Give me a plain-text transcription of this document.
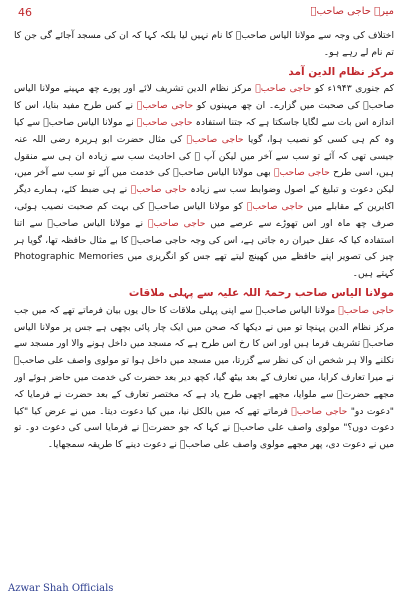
46	میرے حاجی صاحبؒ

اختلاف کی وجہ سے مولانا الیاس صاحبؒ کا نام نہیں لیا بلکہ کہا کہ ان کی مسجد آجائے گی جن کا تم نام لے رہے ہو۔

مرکز نظام الدین آمد

کم جنوری ۱۹۴۳ء کو حاجی صاحبؒ مرکز نظام الدین تشریف لائے اور پورے چھ مہینے مولانا الیاس صاحبؒ کی صحبت میں گزارے۔ ان چھ مہینوں کو حاجی صاحبؒ نے کس طرح مفید بنایا، اس کا اندازہ اس بات سے لگایا جاسکتا ہے کہ جتنا استفادہ حاجی صاحبؒ نے مولانا الیاس صاحبؒ سے کیا وہ کم ہی کسی کو نصیب ہوا، گویا حاجی صاحبؒ کی مثال حضرت ابو ہریرہ رضی اللہ عنہ جیسی تھی کہ آئے تو سب سے آخر میں لیکن آپ ﷺ کی احادیث سب سے زیادہ ان ہی سے منقول ہیں، اسی طرح حاجی صاحبؒ بھی مولانا الیاس صاحبؒ کی خدمت میں آئے تو سب سے آخر میں، لیکن دعوت و تبلیغ کے اصول وضوابط سب سے زیادہ حاجی صاحبؒ نے ہی ضبط کئے، ہمارے دیگر اکابرین کے مقابلے میں حاجی صاحبؒ کو مولانا الیاس صاحبؒ کی بہت کم صحبت نصیب ہوئی، صرف چھ ماہ اور اس تھوڑے سے عرصے میں حاجی صاحبؒ نے مولانا الیاس صاحبؒ سے اتنا استفادہ کیا کہ عقل حیران رہ جاتی ہے، اس کی وجہ حاجی صاحبؒ کا بے مثال حافظہ تھا، گویا ہر چیز کی تصویر اپنے حافظے میں کھینچ لیتے تھے جس کو انگریزی میں Photographic Memories کہتے ہیں۔

مولانا الیاس صاحب رحمۃ اللہ علیہ سے پہلی ملاقات

حاجی صاحبؒ مولانا الیاس صاحبؒ سے اپنی پہلی ملاقات کا حال یوں بیان فرماتے تھے کہ میں جب مرکز نظام الدین پہنچا تو میں نے دیکھا کہ صحن میں ایک چار پائی بچھی ہے جس پر مولانا الیاس صاحبؒ تشریف فرما ہیں اور اس کا رخ اس طرح ہے کہ مسجد میں داخل ہونے والا اور مسجد سے نکلنے والا ہر شخص ان کی نظر سے گزرتا، میں مسجد میں داخل ہوا تو مولوی واصف علی صاحبؒ نے میرا تعارف کرایا، میں تعارف کے بعد بیٹھ گیا، کچھ دیر بعد حضرت کی خدمت میں حاضر ہوئے اور مجھے حضرتؒ سے ملوایا، مجھے اچھی طرح یاد ہے کہ مختصر تعارف کے بعد حضرت نے فرمایا کہ "دعوت دو" حاجی صاحبؒ فرماتے تھے کہ میں بالکل نیا، میں کیا دعوت دیتا۔ میں نے عرض کیا "کیا دعوت دوں؟" مولوی واصف علی صاحبؒ نے کہا کہ جو حضرتؒ نے فرمایا اسی کی دعوت دو۔ تو میں نے دعوت دی، پھر مجھے مولوی واصف علی صاحبؒ نے دعوت دینے کا طریقہ سمجھایا۔

Azwar Shah Officials
